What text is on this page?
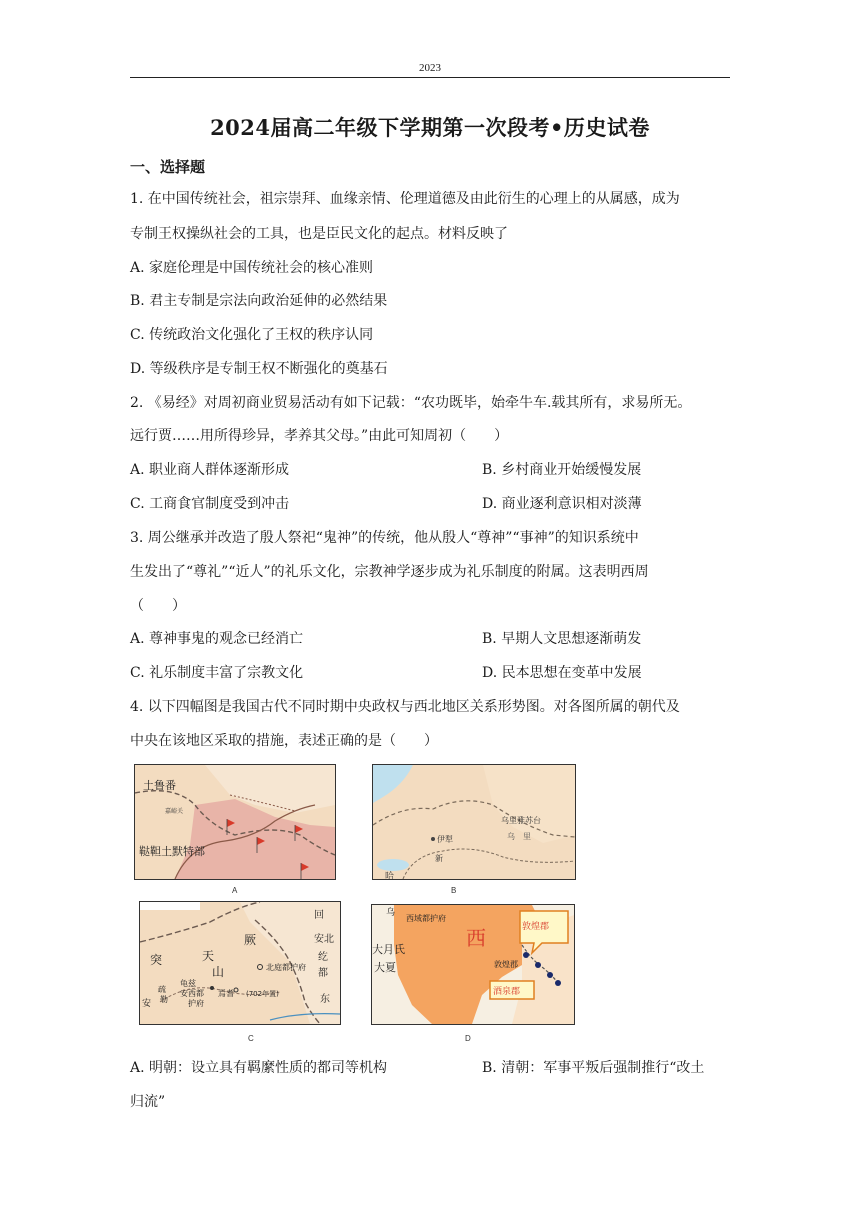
2023
2024届高二年级下学期第一次段考•历史试卷
一、选择题
1. 在中国传统社会，祖宗崇拜、血缘亲情、伦理道德及由此衍生的心理上的从属感，成为
专制王权操纵社会的工具，也是臣民文化的起点。材料反映了
A. 家庭伦理是中国传统社会的核心准则
B. 君主专制是宗法向政治延伸的必然结果
C. 传统政治文化强化了王权的秩序认同
D. 等级秩序是专制王权不断强化的奠基石
2. 《易经》对周初商业贸易活动有如下记载：“农功既毕，始牵牛车.载其所有，求易所无。
远行贾……用所得珍异，孝养其父母。”由此可知周初（　　）
A. 职业商人群体逐渐形成	B. 乡村商业开始缓慢发展
C. 工商食官制度受到冲击	D. 商业逐利意识相对淡薄
3. 周公继承并改造了殷人祭祀“鬼神”的传统，他从殷人“尊神”“事神”的知识系统中
生发出了“尊礼”“近人”的礼乐文化，宗教神学逐步成为礼乐制度的附属。这表明西周
（　　）
A. 尊神事鬼的观念已经消亡	B. 早期人文思想逐渐萌发
C. 礼乐制度丰富了宗教文化	D. 民本思想在变革中发展
4. 以下四幅图是我国古代不同时期中央政权与西北地区关系形势图。对各图所属的朝代及
中央在该地区采取的措施，表述正确的是（　　）
土鲁番
嘉峪关
鞑靼土默特部
A
乌里雅苏台
乌　里
伊犁
新
哈
B
回
突	天
厥
山	北庭都护府
安北
纥
都
龟兹
安西都
护府
焉耆 (702年置)
疏
勒	东
安
C
敦煌郡
西域都护府
西
大月氏
大夏	敦煌郡
酒泉郡
乌
D
A. 明朝：设立具有羁縻性质的都司等机构	B. 清朝：军事平叛后强制推行“改土
归流”
